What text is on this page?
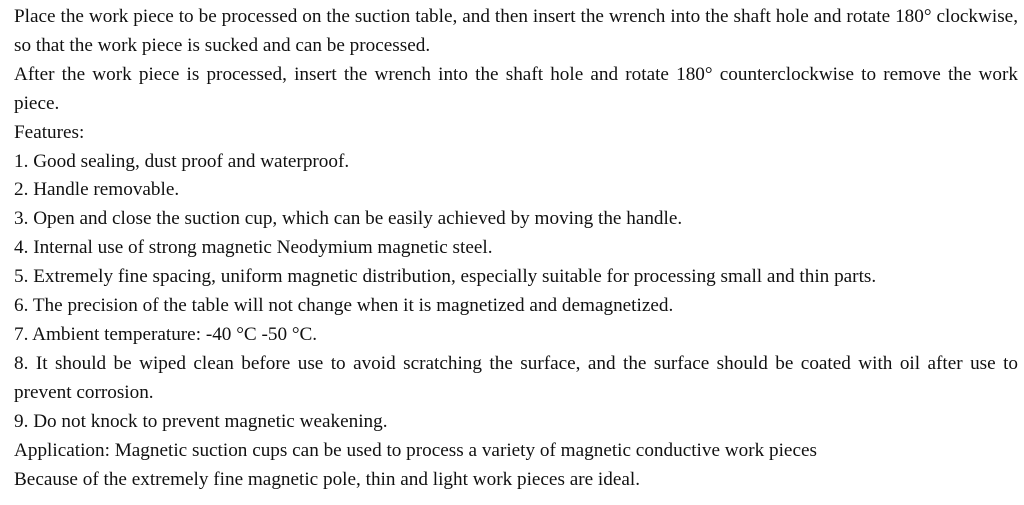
Place the work piece to be processed on the suction table, and then insert the wrench into the shaft hole and rotate 180° clockwise, so that the work piece is sucked and can be processed.

After the work piece is processed, insert the wrench into the shaft hole and rotate 180° counterclockwise to remove the work piece.

Features:

1. Good sealing, dust proof and waterproof.
2. Handle removable.
3. Open and close the suction cup, which can be easily achieved by moving the handle.
4. Internal use of strong magnetic Neodymium magnetic steel.
5. Extremely fine spacing, uniform magnetic distribution, especially suitable for processing small and thin parts.
6. The precision of the table will not change when it is magnetized and demagnetized.
7. Ambient temperature: -40 °C -50 °C.
8. It should be wiped clean before use to avoid scratching the surface, and the surface should be coated with oil after use to prevent corrosion.
9. Do not knock to prevent magnetic weakening.

Application: Magnetic suction cups can be used to process a variety of magnetic conductive work pieces

Because of the extremely fine magnetic pole, thin and light work pieces are ideal.
